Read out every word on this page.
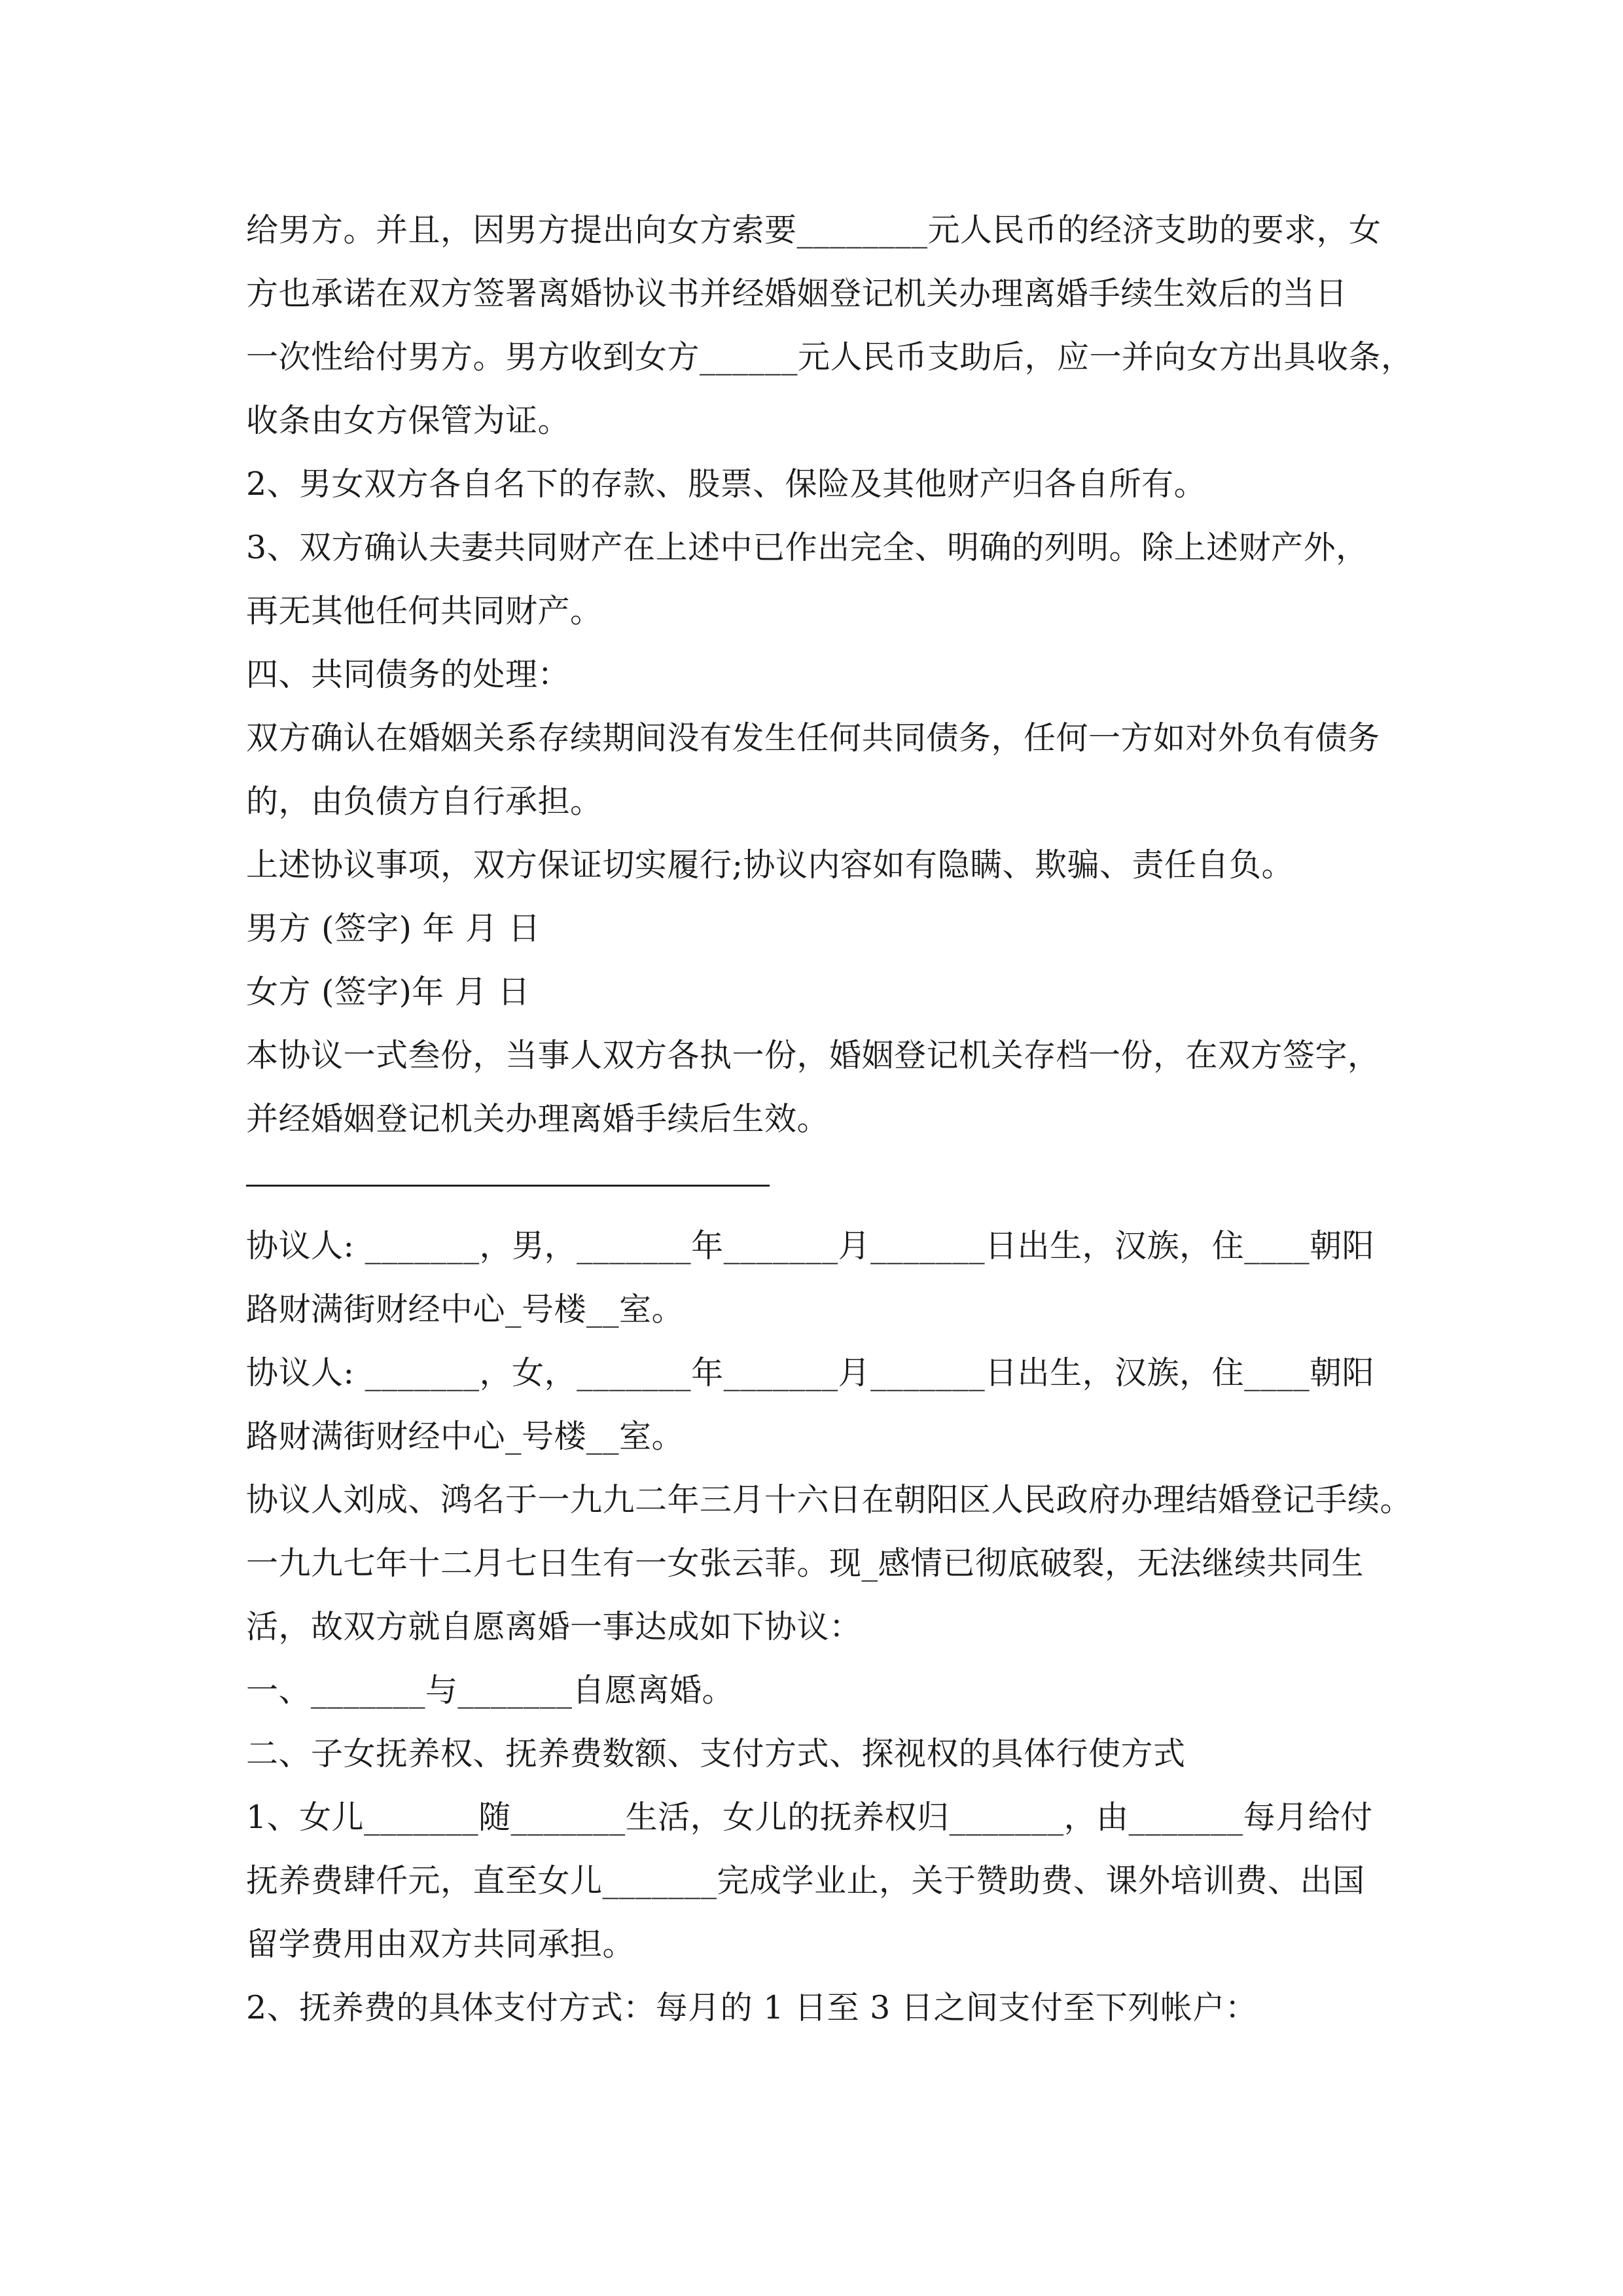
给男方。并且，因男方提出向女方索要________元人民币的经济支助的要求，女
方也承诺在双方签署离婚协议书并经婚姻登记机关办理离婚手续生效后的当日
一次性给付男方。男方收到女方______元人民币支助后，应一并向女方出具收条，
收条由女方保管为证。
2、男女双方各自名下的存款、股票、保险及其他财产归各自所有。
3、双方确认夫妻共同财产在上述中已作出完全、明确的列明。除上述财产外，
再无其他任何共同财产。
四、共同债务的处理：
双方确认在婚姻关系存续期间没有发生任何共同债务，任何一方如对外负有债务
的，由负债方自行承担。
上述协议事项，双方保证切实履行;协议内容如有隐瞒、欺骗、责任自负。
男方 (签字) 年 月 日
女方 (签字)年 月 日
本协议一式叁份，当事人双方各执一份，婚姻登记机关存档一份，在双方签字，
并经婚姻登记机关办理离婚手续后生效。
协议人: _______，男，_______年_______月_______日出生，汉族，住____朝阳
路财满街财经中心_号楼__室。
协议人: _______，女，_______年_______月_______日出生，汉族，住____朝阳
路财满街财经中心_号楼__室。
协议人刘成、鸿名于一九九二年三月十六日在朝阳区人民政府办理结婚登记手续。
一九九七年十二月七日生有一女张云菲。现_感情已彻底破裂，无法继续共同生
活，故双方就自愿离婚一事达成如下协议：
一、_______与_______自愿离婚。
二、子女抚养权、抚养费数额、支付方式、探视权的具体行使方式
1、女儿_______随_______生活，女儿的抚养权归_______，由_______每月给付
抚养费肆仟元，直至女儿_______完成学业止，关于赞助费、课外培训费、出国
留学费用由双方共同承担。
2、抚养费的具体支付方式：每月的 1 日至 3 日之间支付至下列帐户：
